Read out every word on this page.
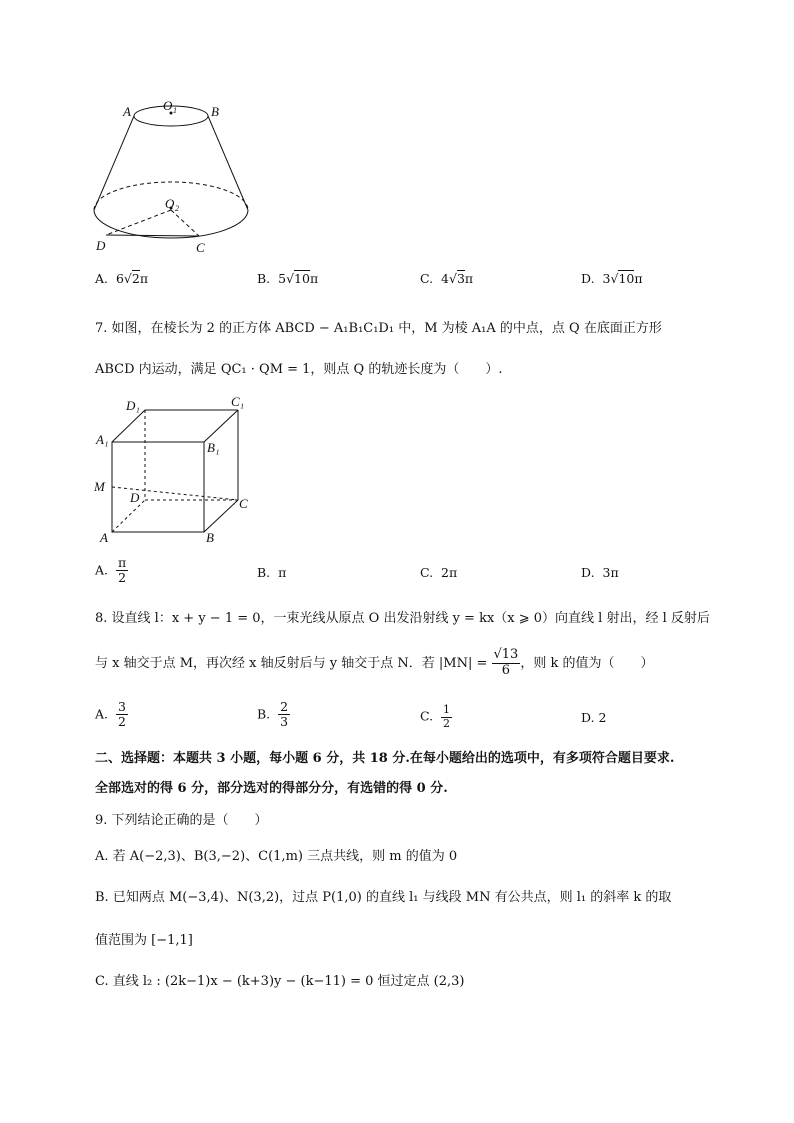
A O 1	B
O 2
D	C
A. 6√2π	B. 5√10π	C. 4√3π	D. 3√10π
7. 如图，在棱长为 2 的正方体 ABCD − A₁B₁C₁D₁ 中，M 为棱 A₁A 的中点，点 Q 在底面正方形
ABCD 内运动，满足 QC₁ · QM = 1，则点 Q 的轨迹长度为（　　）.
D₁	C₁
A₁
B₁
M
D	C
A	B
A. $\frac{\pi}{2}$	B. π	C. 2π	D. 3π
8. 设直线 l：x + y − 1 = 0，一束光线从原点 O 出发沿射线 y = kx（x ⩾ 0）向直线 l 射出，经 l 反射后
与 x 轴交于点 M，再次经 x 轴反射后与 y 轴交于点 N．若 $|MN| = \frac{√13}{6}$ ，则 k 的值为（　　）
A. $\frac{3}{2}$	B. $\frac{2}{3}$	C. $\frac{1}{2}$	D. 2
二、选择题：本题共 3 小题，每小题 6 分，共 18 分.在每小题给出的选项中，有多项符合题目要求.
全部选对的得 6 分，部分选对的得部分分，有选错的得 0 分.
9. 下列结论正确的是（　　）
A. 若 A(−2,3)、B(3,−2)、C(1,m) 三点共线，则 m 的值为 0
B. 已知两点 M(−3,4)、N(3,2)，过点 P(1,0) 的直线 l₁ 与线段 MN 有公共点，则 l₁ 的斜率 k 的取
值范围为 [−1,1]
C. 直线 l₂ : (2k−1)x − (k+3)y − (k−11) = 0 恒过定点 (2,3)
